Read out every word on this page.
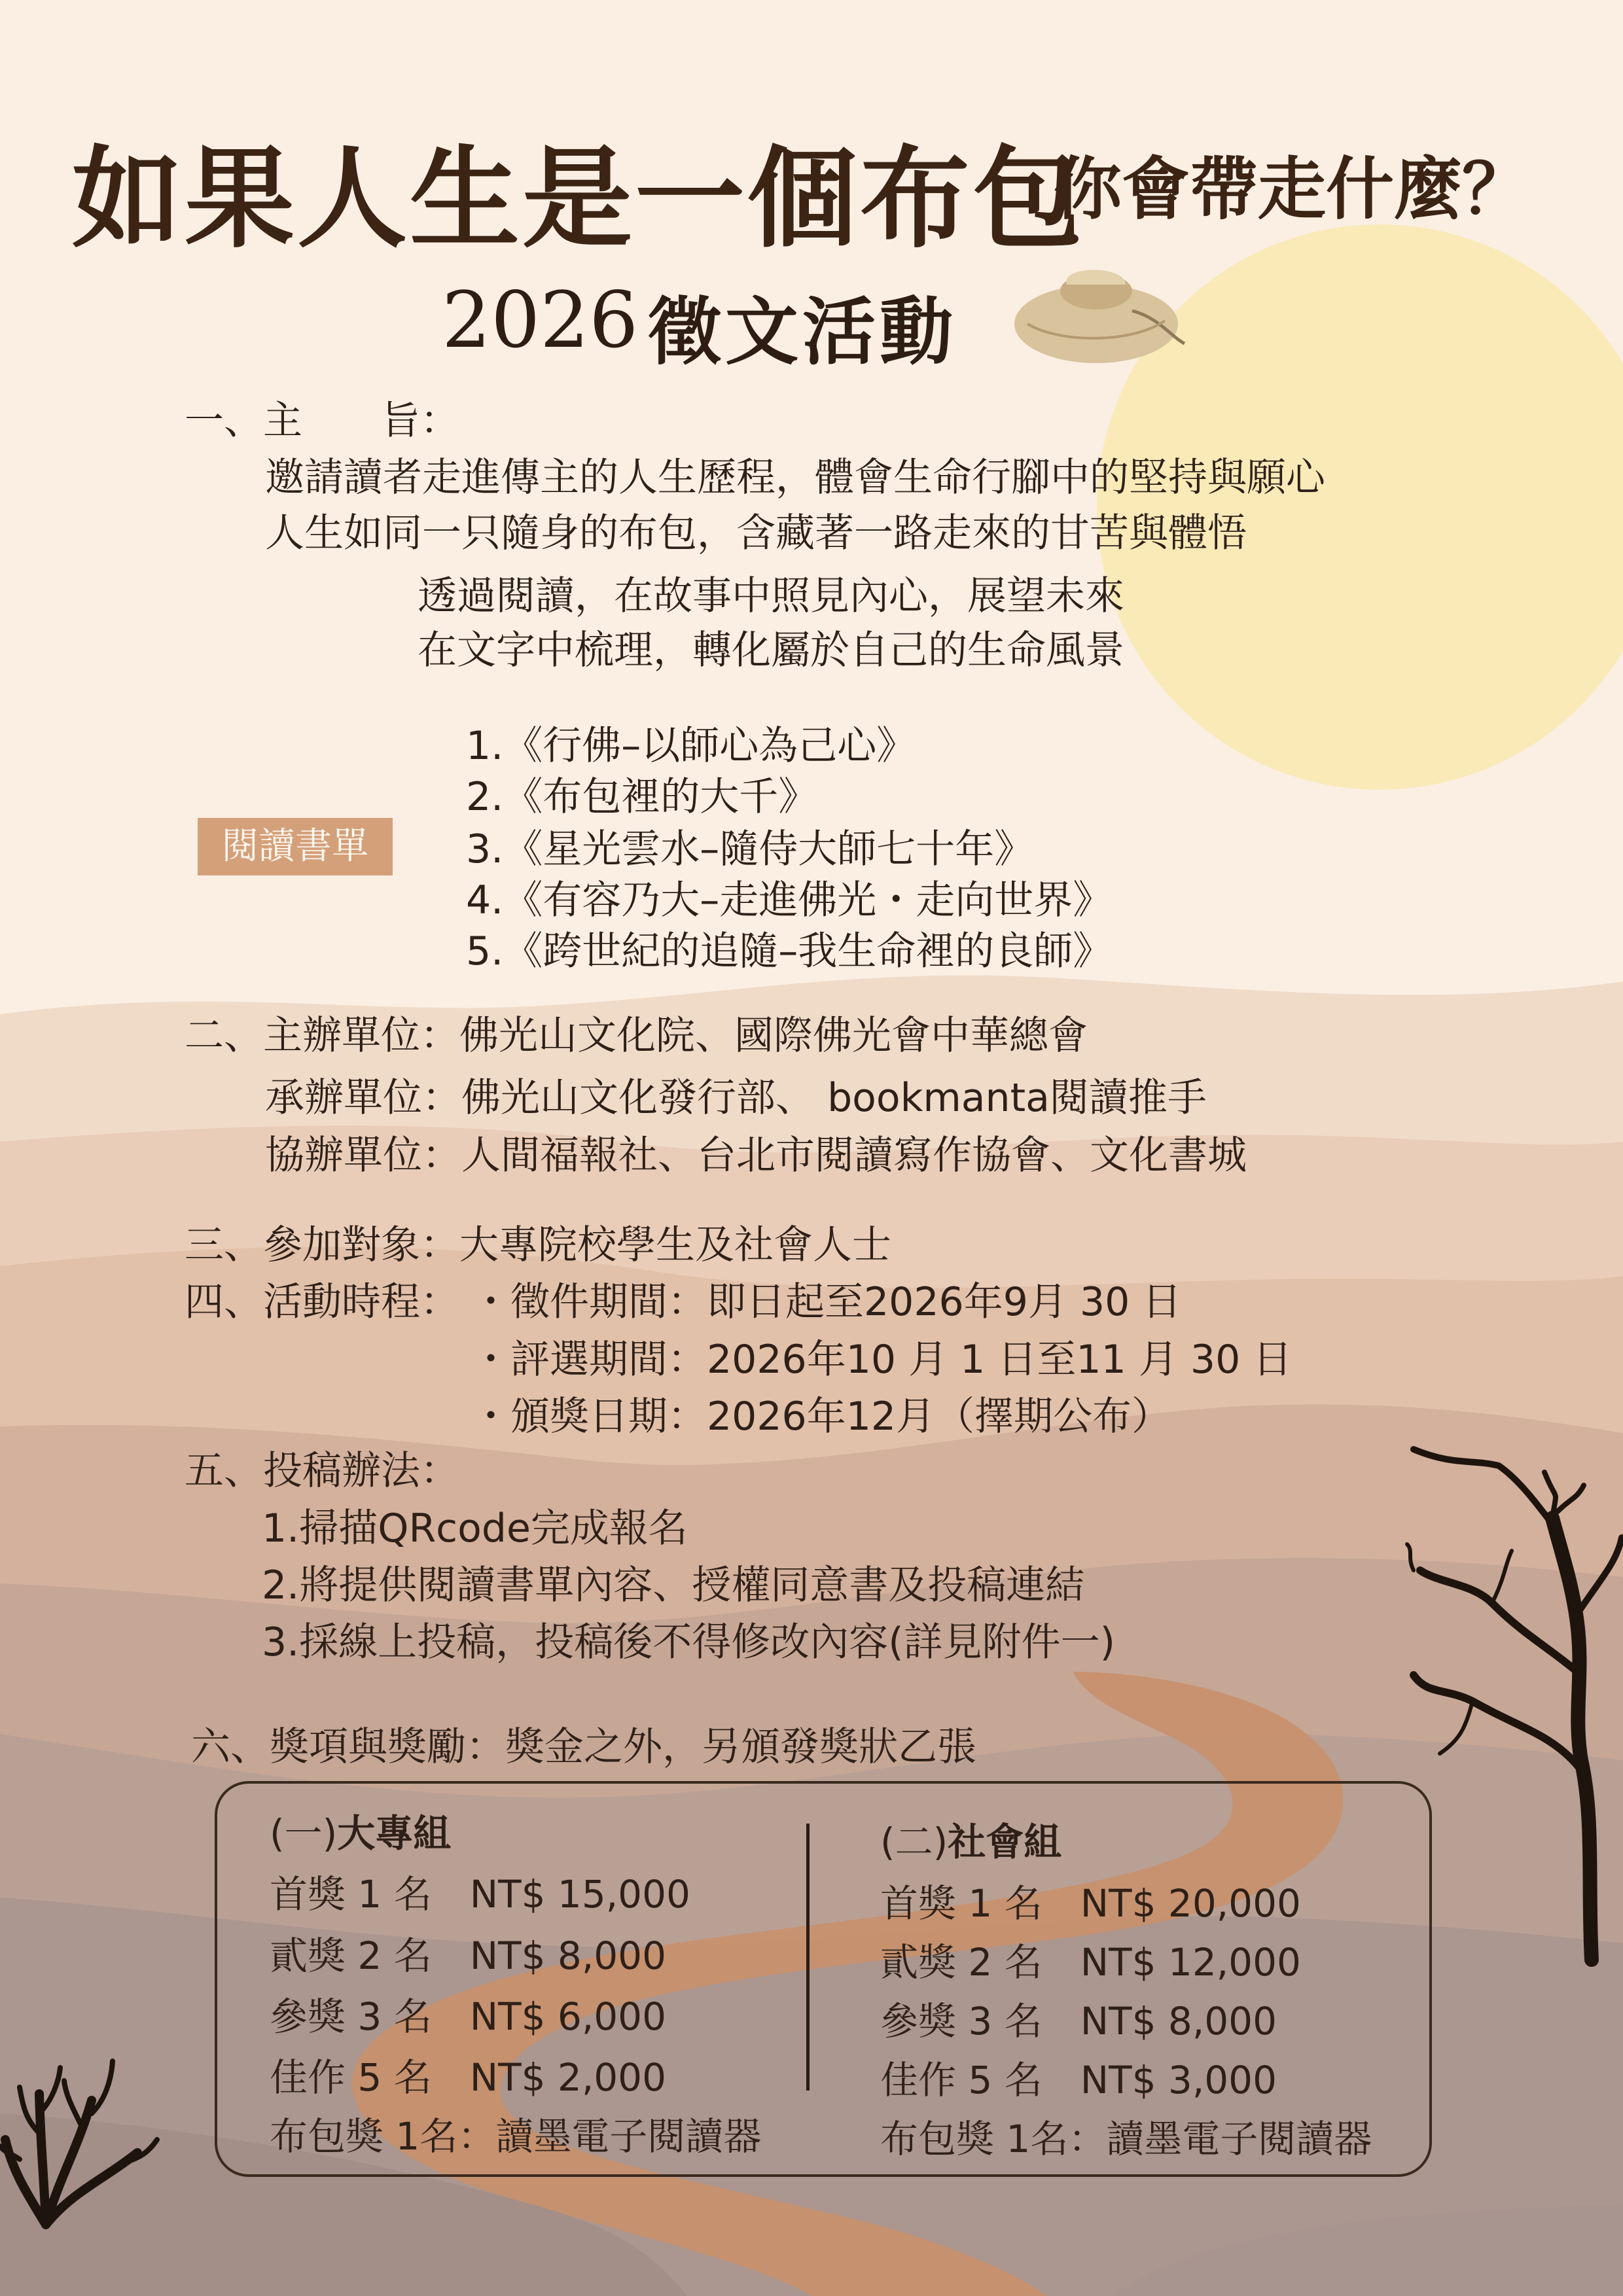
如果人生是一個布包
你會帶走什麼？
2026 徵文活動
一、主　　旨：
邀請讀者走進傳主的人生歷程，體會生命行腳中的堅持與願心
人生如同一只隨身的布包，含藏著一路走來的甘苦與體悟
透過閱讀，在故事中照見內心，展望未來
在文字中梳理，轉化屬於自己的生命風景
閱讀書單
1.《行佛–以師心為己心》
2.《布包裡的大千》
3.《星光雲水–隨侍大師七十年》
4.《有容乃大–走進佛光・走向世界》
5.《跨世紀的追隨–我生命裡的良師》
二、主辦單位：佛光山文化院、國際佛光會中華總會
承辦單位：佛光山文化發行部、 bookmanta閱讀推手
協辦單位：人間福報社、台北市閱讀寫作協會、文化書城
三、參加對象：大專院校學生及社會人士
四、活動時程： ・徵件期間：即日起至2026年9月 30 日
・評選期間：2026年10 月 1 日至11 月 30 日
・頒獎日期：2026年12月（擇期公布）
五、投稿辦法：
1.掃描QRcode完成報名
2.將提供閱讀書單內容、授權同意書及投稿連結
3.採線上投稿，投稿後不得修改內容(詳見附件一)
六、獎項與獎勵：獎金之外，另頒發獎狀乙張
(一)大專組
首獎 1 名　NT$ 15,000
貳獎 2 名　NT$ 8,000
參獎 3 名　NT$ 6,000
佳作 5 名　NT$ 2,000
布包獎 1名：讀墨電子閱讀器
(二)社會組
首獎 1 名　NT$ 20,000
貳獎 2 名　NT$ 12,000
參獎 3 名　NT$ 8,000
佳作 5 名　NT$ 3,000
布包獎 1名：讀墨電子閱讀器
